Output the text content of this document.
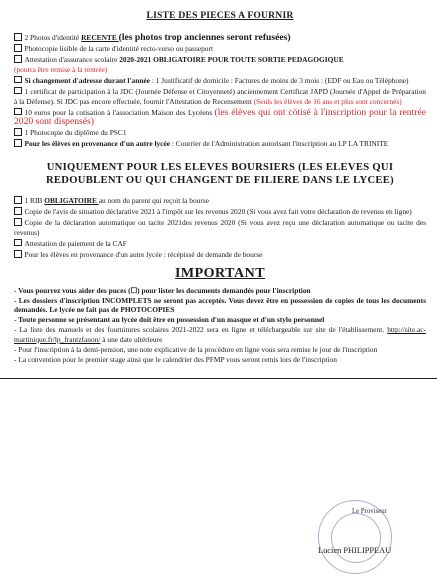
LISTE DES PIECES A FOURNIR
2 Photos d'identité RECENTE (les photos trop anciennes seront refusées)
Photocopie lisible de la carte d'identité recto-verso ou passeport
Attestation d'assurance scolaire 2020-2021 OBLIGATOIRE POUR TOUTE SORTIE PEDAGOGIQUE
(pourra être remise à la rentrée)
Si changement d'adresse durant l'année : 1 Justificatif de domicile : Factures de moins de 3 mois : (EDF ou Eau ou Téléphone)
1 certificat de participation à la JDC (Journée Défense et Citoyenneté) anciennement Certificat JAPD (Journée d'Appel de Préparation à la Défense). Si JDC pas encore effectuée, fournir l'Attestation de Recensement (Seuls les élèves de 16 ans et plus sont concernés)
10 euros pour la cotisation à l'association Maison des Lycéens (les élèves qui ont cötisé à l'inscription pour la rentrée 2020 sont dispensés)
1 Photocopie du diplôme du PSC1
Pour les élèves en provenance d'un autre lycée : Courrier de l'Administration autorisant l'inscription au LP LA TRINITE
UNIQUEMENT POUR LES ELEVES BOURSIERS (LES ELEVES QUI REDOUBLENT OU QUI CHANGENT DE FILIERE DANS LE LYCEE)
1 RIB OBLIGATOIRE au nom du parent qui reçoit la bourse
Copie de l'avis de situation déclarative 2021 à l'impôt sur les revenus 2020 (Si vous avez fait votre déclaration de revenus en ligne)
Copie de la déclaration automatique ou tacite 2021des revenus 2020 (Si vous avez reçu une déclaration automatique ou tacite des revenus)
Attestation de paiement de la CAF
Pour les élèves en provenance d'un autre lycée : récépissé de demande de bourse
IMPORTANT
- Vous pourrez vous aider des puces (☐) pour lister les documents demandés pour l'inscription
- Les dossiers d'inscription INCOMPLETS ne seront pas acceptés. Vous devez être en possession de copies de tous les documents demandés. Le lycée ne fait pas de PHOTOCOPIES
- Toute personne se présentant au lycée doit être en possession d'un masque et d'un stylo personnel
- La liste des manuels et des fournitures scolaires 2021-2022 sera en ligne et téléchargeable sur site de l'établissement. http://site.ac-martinique.fr/lp_frantzfanon/ à une date ultérieure
- Pour l'inscription à la demi-pension, une note explicative de la procédure en ligne vous sera remise le jour de l'inscription
- La convention pour le premier stage ainsi que le calendrier des PFMP vous seront remis lors de l'inscription
Le Proviseur
Lucien PHILIPPEAU
